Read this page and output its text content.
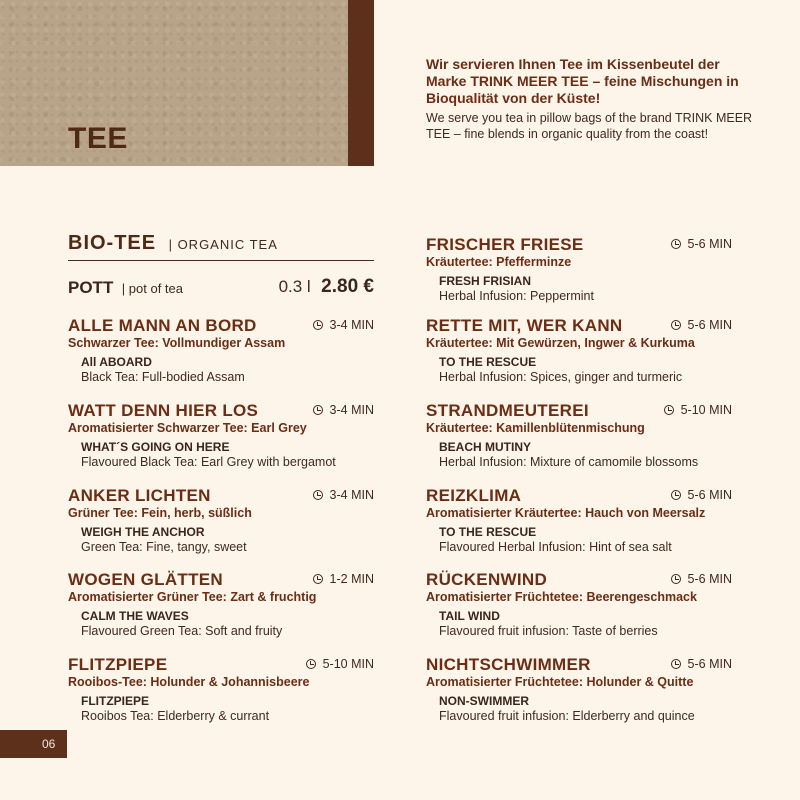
TEE
Wir servieren Ihnen Tee im Kissenbeutel der Marke TRINK MEER TEE – feine Mischungen in Bioqualität von der Küste!
We serve you tea in pillow bags of the brand TRINK MEER TEE – fine blends in organic quality from the coast!
BIO-TEE | ORGANIC TEA
POTT | pot of tea	0.3 l 2.80 €
ALLE MANN AN BORD	3-4 MIN
Schwarzer Tee: Vollmundiger Assam
All ABOARD
Black Tea: Full-bodied Assam
WATT DENN HIER LOS	3-4 MIN
Aromatisierter Schwarzer Tee: Earl Grey
WHAT´S GOING ON HERE
Flavoured Black Tea: Earl Grey with bergamot
ANKER LICHTEN	3-4 MIN
Grüner Tee: Fein, herb, süßlich
WEIGH THE ANCHOR
Green Tea: Fine, tangy, sweet
WOGEN GLÄTTEN	1-2 MIN
Aromatisierter Grüner Tee: Zart & fruchtig
CALM THE WAVES
Flavoured Green Tea: Soft and fruity
FLITZPIEPE	5-10 MIN
Rooibos-Tee: Holunder & Johannisbeere
FLITZPIEPE
Rooibos Tea: Elderberry & currant
FRISCHER FRIESE	5-6 MIN
Kräutertee: Pfefferminze
FRESH FRISIAN
Herbal Infusion: Peppermint
RETTE MIT, WER KANN	5-6 MIN
Kräutertee: Mit Gewürzen, Ingwer & Kurkuma
TO THE RESCUE
Herbal Infusion: Spices, ginger and turmeric
STRANDMEUTEREI	5-10 MIN
Kräutertee: Kamillenblütenmischung
BEACH MUTINY
Herbal Infusion: Mixture of camomile blossoms
REIZKLIMA	5-6 MIN
Aromatisierter Kräutertee: Hauch von Meersalz
TO THE RESCUE
Flavoured Herbal Infusion: Hint of sea salt
RÜCKENWIND	5-6 MIN
Aromatisierter Früchtetee: Beerengeschmack
TAIL WIND
Flavoured fruit infusion: Taste of berries
NICHTSCHWIMMER	5-6 MIN
Aromatisierter Früchtetee: Holunder & Quitte
NON-SWIMMER
Flavoured fruit infusion: Elderberry and quince
06
